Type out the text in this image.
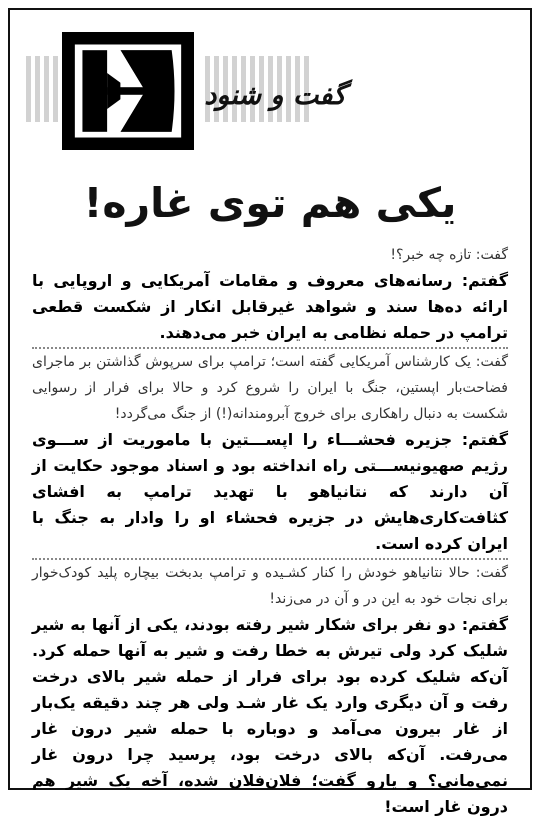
گفت و شنود
یکی هم توی غاره!

گفت: تازه چه خبر؟!

گفتم: رسانه‌های معروف و مقامات آمریکایی و اروپایی با ارائه ده‌ها سند و شواهد غیرقابل انکار از شکست قطعی ترامپ در حمله نظامی به ایران خبر می‌دهند.

گفت: یک کارشناس آمریکایی گفته است؛ ترامپ برای سرپوش گذاشتن بر ماجرای فضاحت‌بار اپستین، جنگ با ایران را شروع کرد و حالا برای فرار از رسوایی شکست به دنبال راهکاری برای خروج آبرومندانه(!) از جنگ می‌گردد!

گفتم: جزیره فحشـــاء را اپســـتین با ماموریت از ســـوی رژیم صهیونیســـتی راه انداخته بود و اسناد موجود حکایت از آن دارند که نتانیاهو با تهدید ترامپ به افشای کثافت‌کاری‌هایش در جزیره فحشاء او را وادار به جنگ با ایران کرده است.

گفت: حالا نتانیاهو خودش را کنار کشـیده و ترامپ بدبخت بیچاره پلید کودک‌خوار برای نجات خود به این در و آن در می‌زند!

گفتم: دو نفر برای شکار شیر رفته بودند، یکی از آنها به شیر شلیک کرد ولی تیرش به خطا رفت و شیر به آنها حمله کرد. آن‌که شلیک کرده بود برای فرار از حمله شیر بالای درخت رفت و آن دیگری وارد یک غار شـد ولی هر چند دقیقه یک‌بار از غار بیرون می‌آمد و دوباره با حمله شیر درون غار می‌رفت. آن‌که بالای درخت بود، پرسید چرا درون غار نمی‌مانی؟ و یارو گفت؛ فلان‌فلان شده، آخه یک شیر هم درون غار است!
